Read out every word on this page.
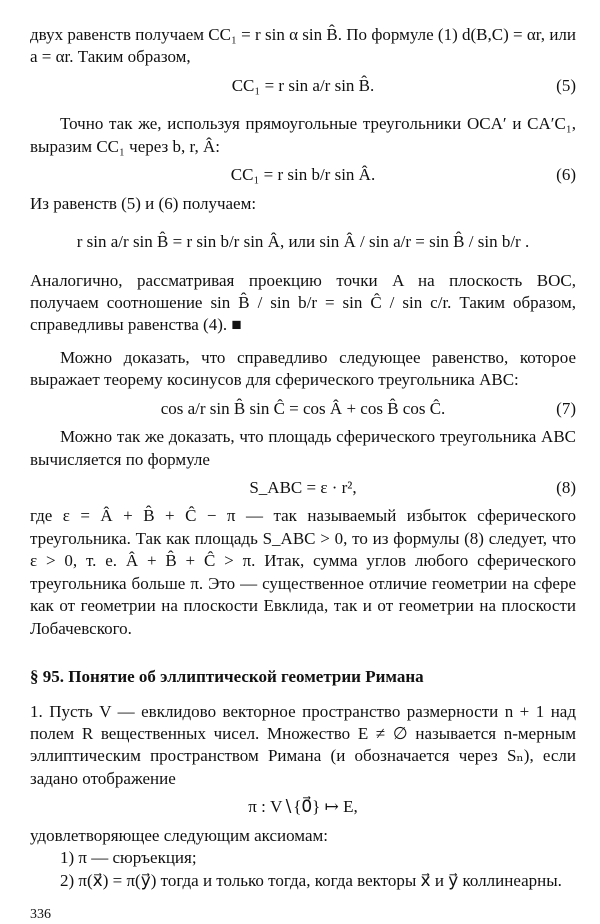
двух равенств получаем CC₁ = r sin α sin B̂. По формуле (1) d(B,C) = αr, или a = αr. Таким образом,

CC₁ = r sin a/r sin B̂.	(5)

Точно так же, используя прямоугольные треугольники OCA′ и CA′C₁, выразим CC₁ через b, r, Â:

CC₁ = r sin b/r sin Â.	(6)

Из равенств (5) и (6) получаем:

r sin a/r sin B̂ = r sin b/r sin Â, или sin Â / sin a/r = sin B̂ / sin b/r .

Аналогично, рассматривая проекцию точки A на плоскость BOC, получаем соотношение sin B̂ / sin b/r = sin Ĉ / sin c/r. Таким образом, справедливы равенства (4). ■

Можно доказать, что справедливо следующее равенство, которое выражает теорему косинусов для сферического треугольника ABC:

cos a/r sin B̂ sin Ĉ = cos Â + cos B̂ cos Ĉ.	(7)

Можно так же доказать, что площадь сферического треугольника ABC вычисляется по формуле

S_ABC = ε · r²,	(8)

где ε = Â + B̂ + Ĉ − π — так называемый избыток сферического треугольника. Так как площадь S_ABC > 0, то из формулы (8) следует, что ε > 0, т. е. Â + B̂ + Ĉ > π. Итак, сумма углов любого сферического треугольника больше π. Это — существенное отличие геометрии на сфере как от геометрии на плоскости Евклида, так и от геометрии на плоскости Лобачевского.

§ 95. Понятие об эллиптической геометрии Римана

1. Пусть V — евклидово векторное пространство размерности n + 1 над полем R вещественных чисел. Множество E ≠ ∅ называется n-мерным эллиптическим пространством Римана (и обозначается через Sₙ), если задано отображение

π : V∖{0⃗} ↦ E,

удовлетворяющее следующим аксиомам:

1) π — сюръекция;

2) π(x⃗) = π(y⃗) тогда и только тогда, когда векторы x⃗ и y⃗ коллинеарны.

336
